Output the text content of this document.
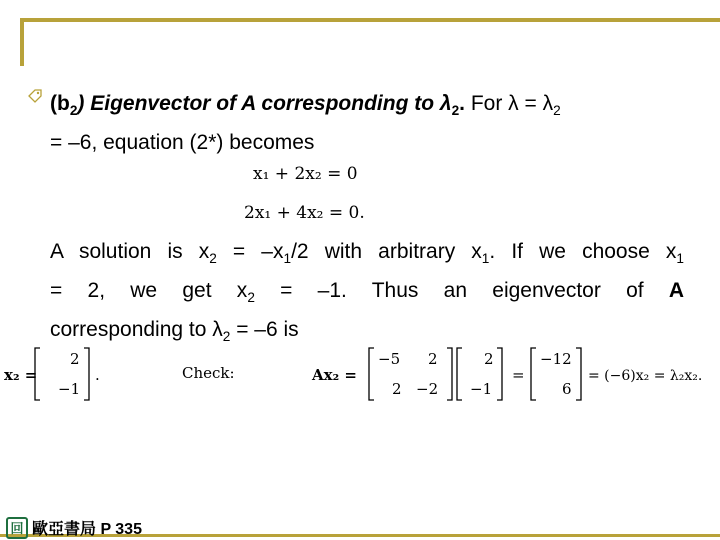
$(b_2)$ Eigenvector of A corresponding to $\lambda_2$. For $\lambda = \lambda_2$
= –6, equation (2*) becomes
x₁ + 2x₂ = 0
2x₁ + 4x₂ = 0.
A solution is $x_2 = -x_1/2$ with arbitrary $x_1$. If we choose $x_1$
= 2, we get $x_2 = -1$. Thus an eigenvector of A
corresponding to $\lambda_2 = -6$ is
x₂ =
2
−1
.	Check:	Ax₂ =
−5 2
2 −2
2
−1
=
−12
6
= (−6)x₂ = λ₂x₂.
回 歐亞書局 P 335
